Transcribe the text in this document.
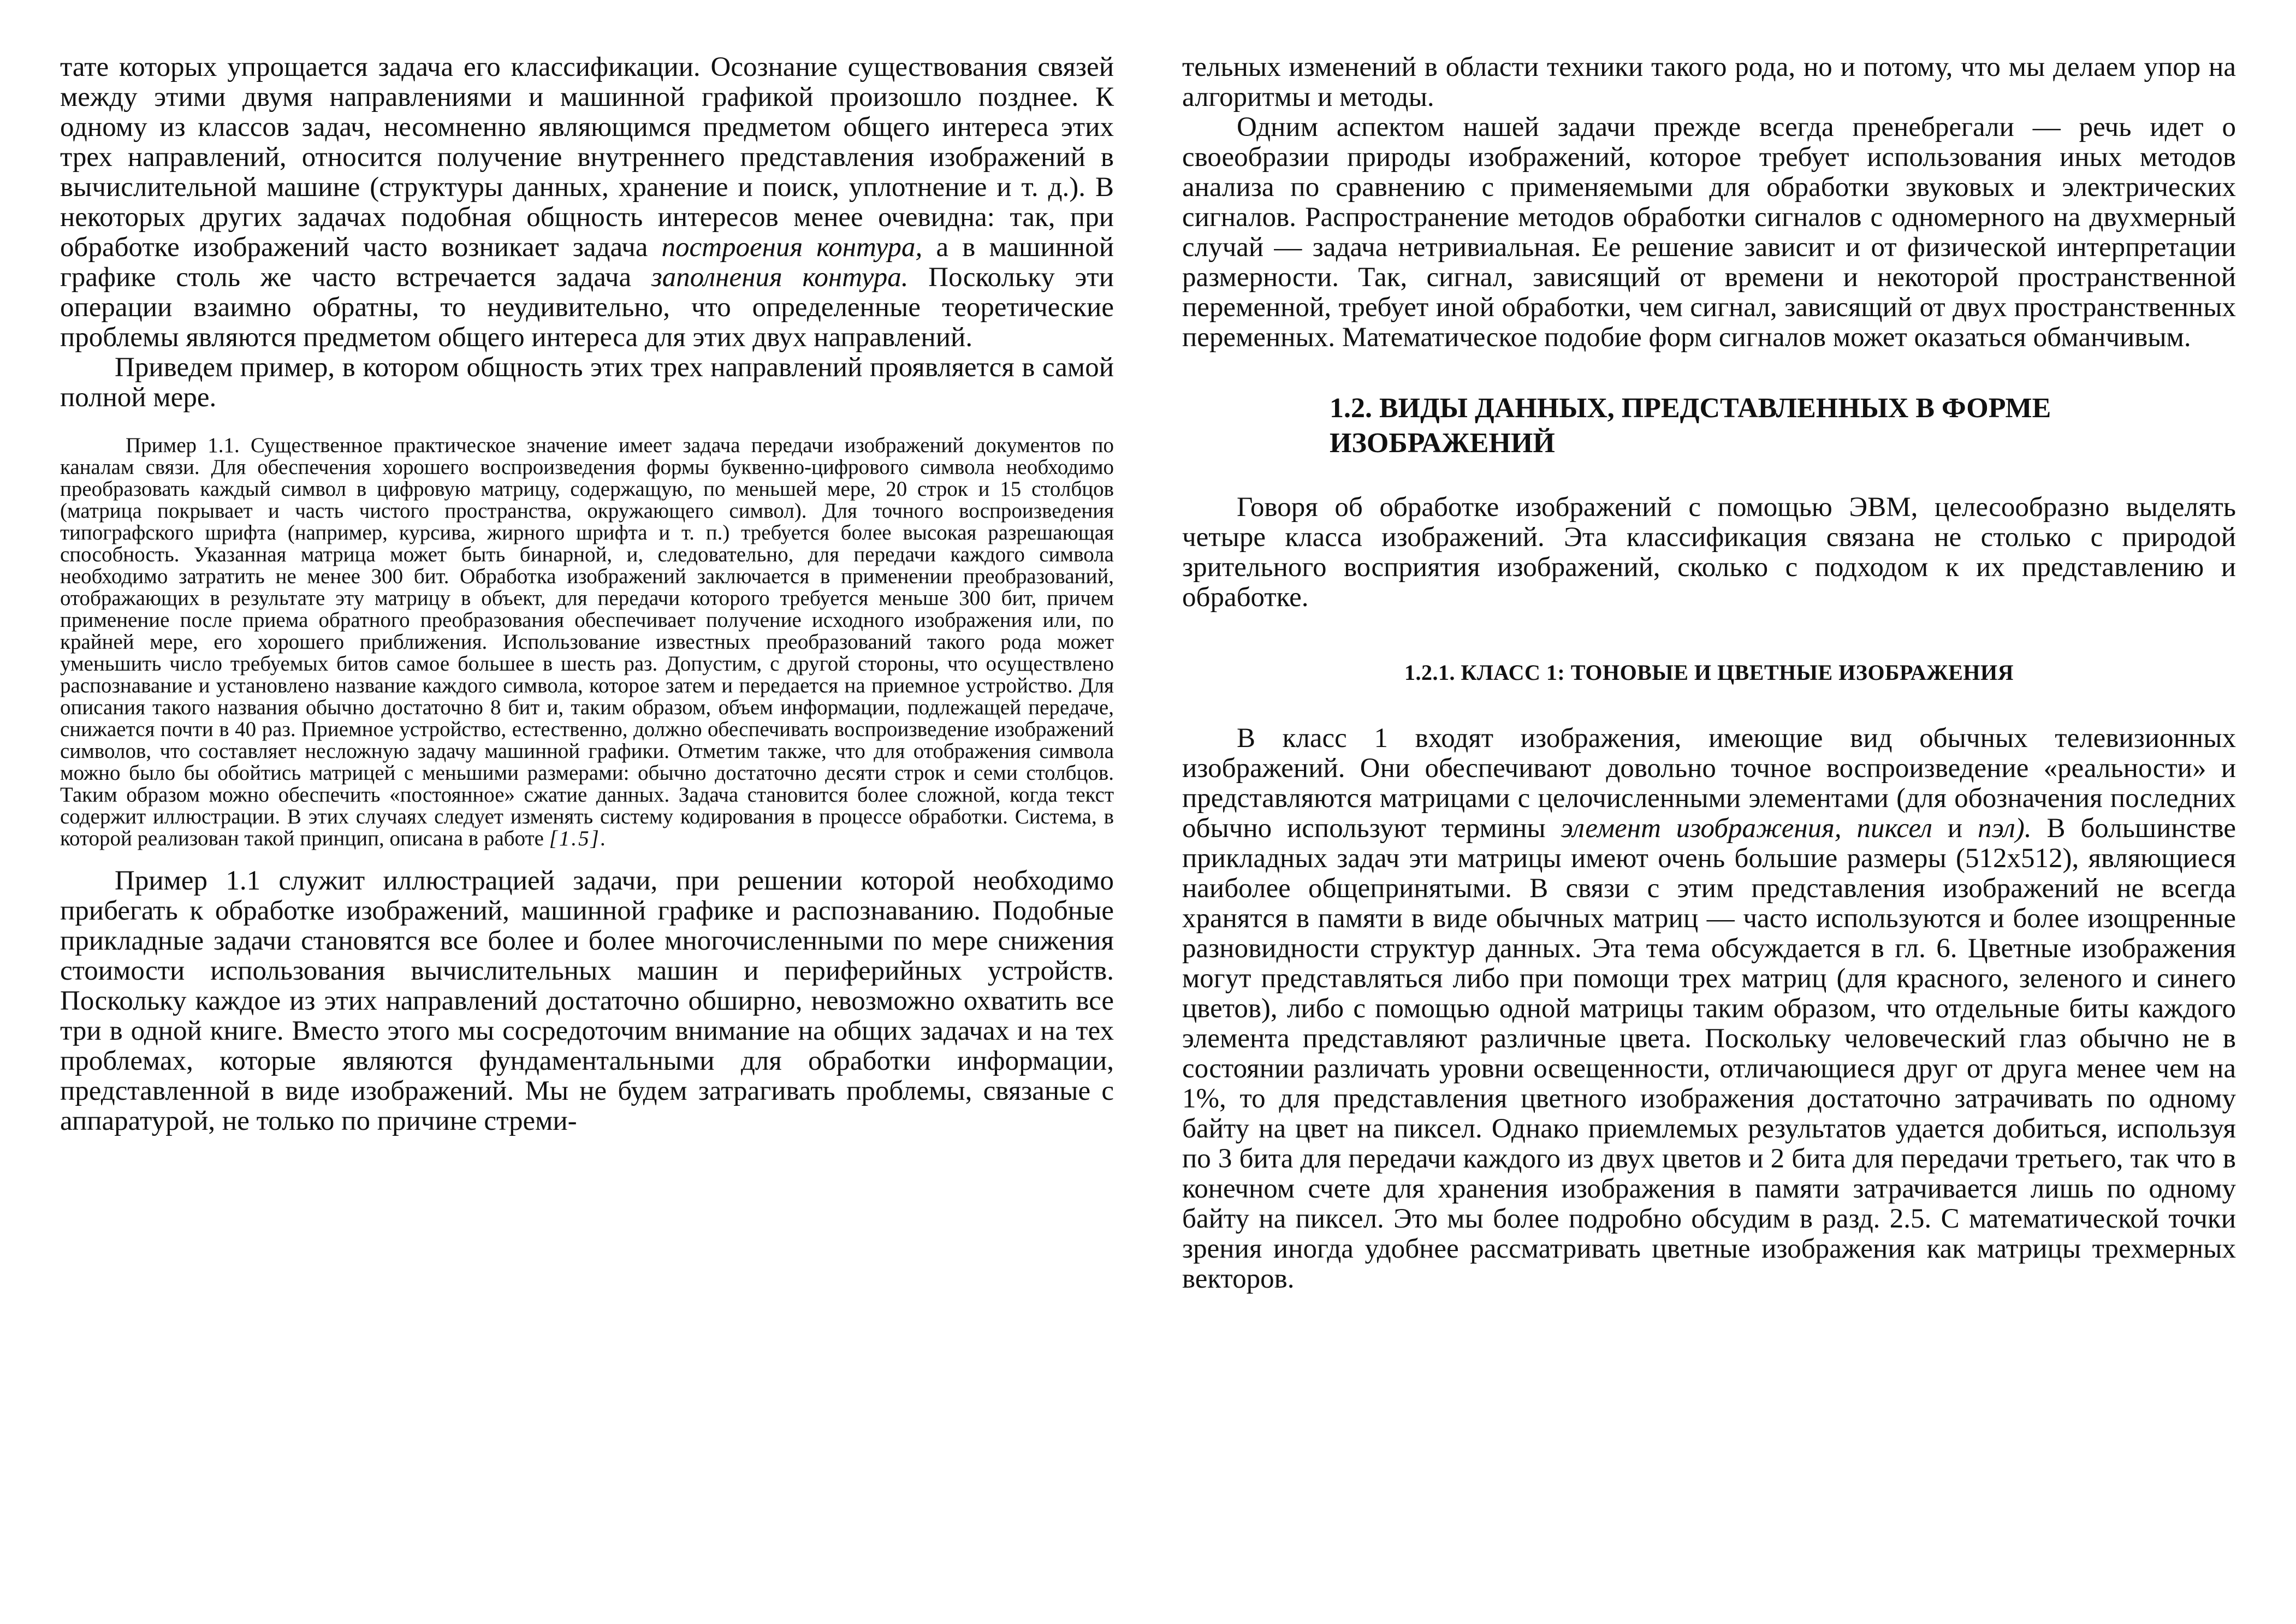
тате которых упрощается задача его классификации. Осознание существования связей между этими двумя направлениями и машинной графикой произошло позднее. К одному из классов задач, несомненно являющимся предметом общего интереса этих трех направлений, относится получение внутреннего представления изображений в вычислительной машине (структуры данных, хранение и поиск, уплотнение и т. д.). В некоторых других задачах подобная общность интересов менее очевидна: так, при обработке изображений часто возникает задача построения контура, а в машинной графике столь же часто встречается задача заполнения контура. Поскольку эти операции взаимно обратны, то неудивительно, что определенные теоретические проблемы являются предметом общего интереса для этих двух направлений.

Приведем пример, в котором общность этих трех направлений проявляется в самой полной мере.

Пример 1.1. Существенное практическое значение имеет задача передачи изображений документов по каналам связи. Для обеспечения хорошего воспроизведения формы буквенно-цифрового символа необходимо преобразовать каждый символ в цифровую матрицу, содержащую, по меньшей мере, 20 строк и 15 столбцов (матрица покрывает и часть чистого пространства, окружающего символ). Для точного воспроизведения типографского шрифта (например, курсива, жирного шрифта и т. п.) требуется более высокая разрешающая способность. Указанная матрица может быть бинарной, и, следовательно, для передачи каждого символа необходимо затратить не менее 300 бит. Обработка изображений заключается в применении преобразований, отображающих в результате эту матрицу в объект, для передачи которого требуется меньше 300 бит, причем применение после приема обратного преобразования обеспечивает получение исходного изображения или, по крайней мере, его хорошего приближения. Использование известных преобразований такого рода может уменьшить число требуемых битов самое большее в шесть раз. Допустим, с другой стороны, что осуществлено распознавание и установлено название каждого символа, которое затем и передается на приемное устройство. Для описания такого названия обычно достаточно 8 бит и, таким образом, объем информации, подлежащей передаче, снижается почти в 40 раз. Приемное устройство, естественно, должно обеспечивать воспроизведение изображений символов, что составляет несложную задачу машинной графики. Отметим также, что для отображения символа можно было бы обойтись матрицей с меньшими размерами: обычно достаточно десяти строк и семи столбцов. Таким образом можно обеспечить «постоянное» сжатие данных. Задача становится более сложной, когда текст содержит иллюстрации. В этих случаях следует изменять систему кодирования в процессе обработки. Система, в которой реализован такой принцип, описана в работе [1.5].

Пример 1.1 служит иллюстрацией задачи, при решении которой необходимо прибегать к обработке изображений, машинной графике и распознаванию. Подобные прикладные задачи становятся все более и более многочисленными по мере снижения стоимости использования вычислительных машин и периферийных устройств. Поскольку каждое из этих направлений достаточно обширно, невозможно охватить все три в одной книге. Вместо этого мы сосредоточим внимание на общих задачах и на тех проблемах, которые являются фундаментальными для обработки информации, представленной в виде изображений. Мы не будем затрагивать проблемы, связаные с аппаратурой, не только по причине стреми-

тельных изменений в области техники такого рода, но и потому, что мы делаем упор на алгоритмы и методы.

Одним аспектом нашей задачи прежде всегда пренебрегали — речь идет о своеобразии природы изображений, которое требует использования иных методов анализа по сравнению с применяемыми для обработки звуковых и электрических сигналов. Распространение методов обработки сигналов с одномерного на двухмерный случай — задача нетривиальная. Ее решение зависит и от физической интерпретации размерности. Так, сигнал, зависящий от времени и некоторой пространственной переменной, требует иной обработки, чем сигнал, зависящий от двух пространственных переменных. Математическое подобие форм сигналов может оказаться обманчивым.

1.2. ВИДЫ ДАННЫХ, ПРЕДСТАВЛЕННЫХ В ФОРМЕ ИЗОБРАЖЕНИЙ

Говоря об обработке изображений с помощью ЭВМ, целесообразно выделять четыре класса изображений. Эта классификация связана не столько с природой зрительного восприятия изображений, сколько с подходом к их представлению и обработке.

1.2.1. КЛАСС 1: ТОНОВЫЕ И ЦВЕТНЫЕ ИЗОБРАЖЕНИЯ

В класс 1 входят изображения, имеющие вид обычных телевизионных изображений. Они обеспечивают довольно точное воспроизведение «реальности» и представляются матрицами с целочисленными элементами (для обозначения последних обычно используют термины элемент изображения, пиксел и пэл). В большинстве прикладных задач эти матрицы имеют очень большие размеры (512x512), являющиеся наиболее общепринятыми. В связи с этим представления изображений не всегда хранятся в памяти в виде обычных матриц — часто используются и более изощренные разновидности структур данных. Эта тема обсуждается в гл. 6. Цветные изображения могут представляться либо при помощи трех матриц (для красного, зеленого и синего цветов), либо с помощью одной матрицы таким образом, что отдельные биты каждого элемента представляют различные цвета. Поскольку человеческий глаз обычно не в состоянии различать уровни освещенности, отличающиеся друг от друга менее чем на 1%, то для представления цветного изображения достаточно затрачивать по одному байту на цвет на пиксел. Однако приемлемых результатов удается добиться, используя по 3 бита для передачи каждого из двух цветов и 2 бита для передачи третьего, так что в конечном счете для хранения изображения в памяти затрачивается лишь по одному байту на пиксел. Это мы более подробно обсудим в разд. 2.5. С математической точки зрения иногда удобнее рассматривать цветные изображения как матрицы трехмерных векторов.
